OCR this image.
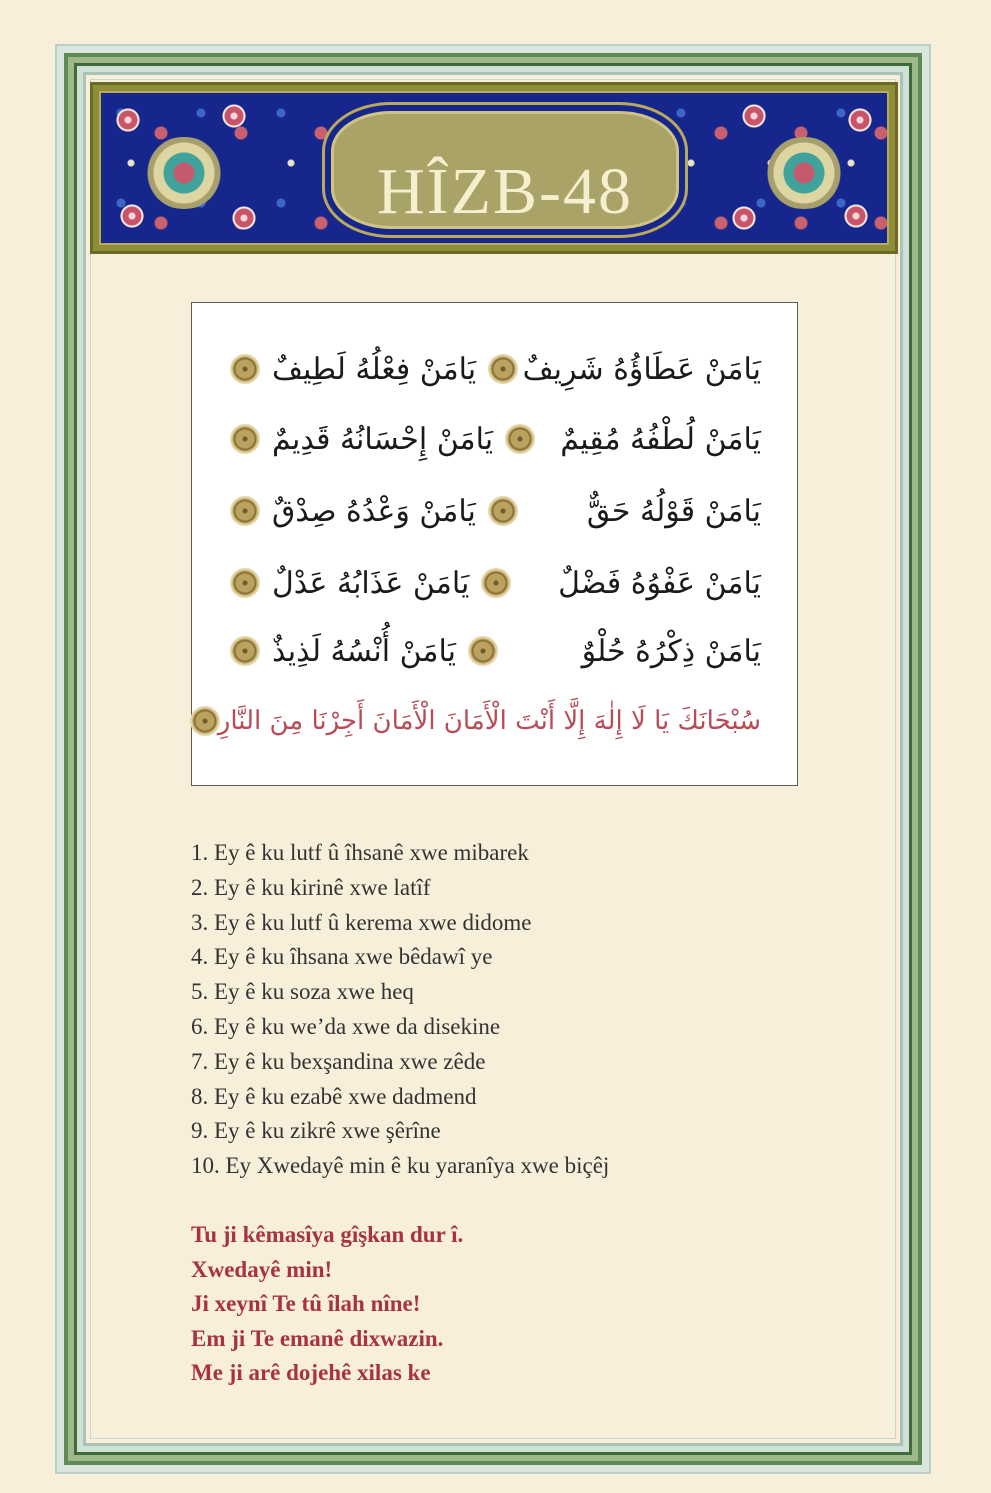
HÎZB-48
يَامَنْ عَطَاؤُهُ شَرِيفٌ
يَامَنْ فِعْلُهُ لَطِيفٌ
يَامَنْ لُطْفُهُ مُقِيمٌ
يَامَنْ إِحْسَانُهُ قَدِيمٌ
يَامَنْ قَوْلُهُ حَقٌّ
يَامَنْ وَعْدُهُ صِدْقٌ
يَامَنْ عَفْوُهُ فَضْلٌ
يَامَنْ عَذَابُهُ عَدْلٌ
يَامَنْ ذِكْرُهُ حُلْوٌ
يَامَنْ أُنْسُهُ لَذِيذٌ
سُبْحَانَكَ يَا لَا إِلٰهَ إِلَّا أَنْتَ الْأَمَانَ الْأَمَانَ أَجِرْنَا مِنَ النَّارِ
1. Ey ê ku lutf û îhsanê xwe mibarek
2. Ey ê ku kirinê xwe latîf
3. Ey ê ku lutf û kerema xwe didome
4. Ey ê ku îhsana xwe bêdawî ye
5. Ey ê ku soza xwe heq
6. Ey ê ku we’da xwe da disekine
7. Ey ê ku bexşandina xwe zêde
8. Ey ê ku ezabê xwe dadmend
9. Ey ê ku zikrê xwe şêrîne
10. Ey Xwedayê min ê ku yaranîya xwe biçêj

Tu ji kêmasîya gîşkan dur î.

Xwedayê min!

Ji xeynî Te tû îlah nîne!

Em ji Te emanê dixwazin.

Me ji arê dojehê xilas ke
